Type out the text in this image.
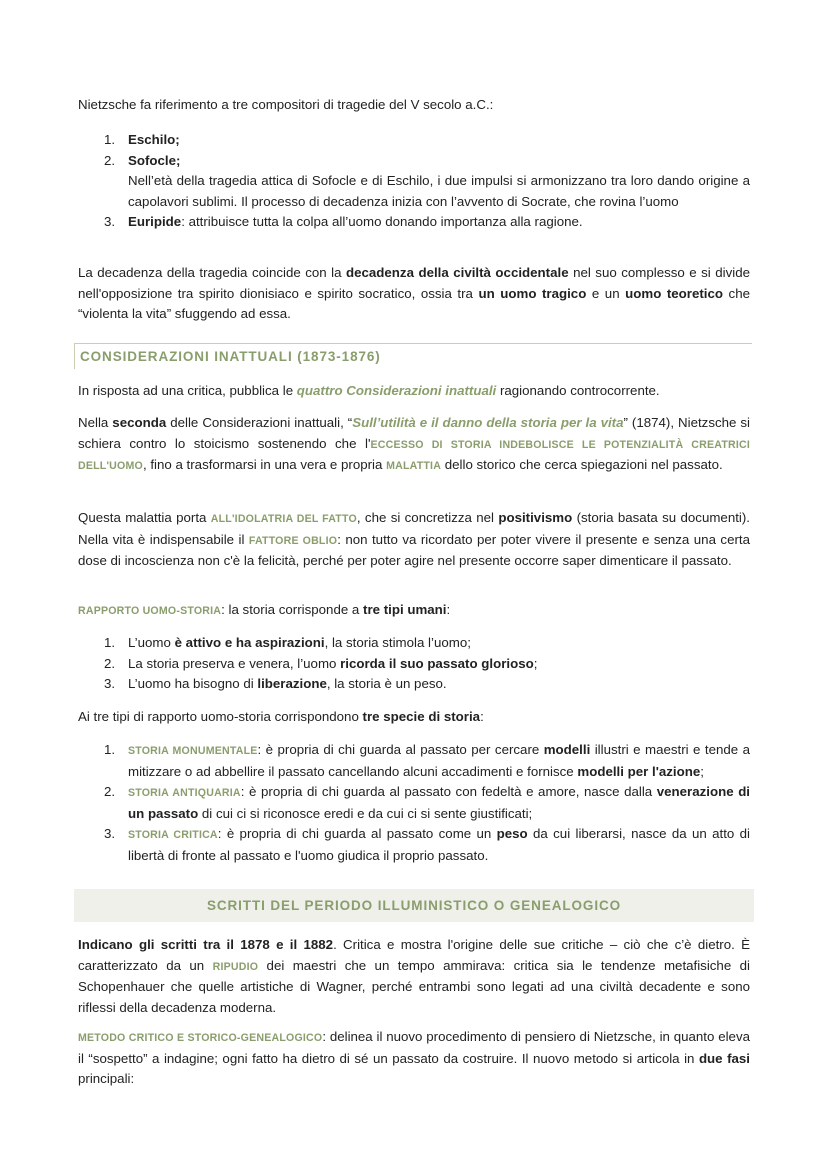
Nietzsche fa riferimento a tre compositori di tragedie del V secolo a.C.:

1. Eschilo;
2. Sofocle;
Nell’età della tragedia attica di Sofocle e di Eschilo, i due impulsi si armonizzano tra loro dando origine a capolavori sublimi. Il processo di decadenza inizia con l’avvento di Socrate, che rovina l’uomo
3. Euripide: attribuisce tutta la colpa all’uomo donando importanza alla ragione.

La decadenza della tragedia coincide con la decadenza della civiltà occidentale nel suo complesso e si divide nell'opposizione tra spirito dionisiaco e spirito socratico, ossia tra un uomo tragico e un uomo teoretico che “violenta la vita” sfuggendo ad essa.

CONSIDERAZIONI INATTUALI (1873-1876)

In risposta ad una critica, pubblica le quattro Considerazioni inattuali ragionando controcorrente.

Nella seconda delle Considerazioni inattuali, “Sull’utilità e il danno della storia per la vita” (1874), Nietzsche si schiera contro lo stoicismo sostenendo che l'ECCESSO DI STORIA INDEBOLISCE LE POTENZIALITÀ CREATRICI DELL'UOMO, fino a trasformarsi in una vera e propria MALATTIA dello storico che cerca spiegazioni nel passato.

Questa malattia porta ALL'IDOLATRIA DEL FATTO, che si concretizza nel positivismo (storia basata su documenti). Nella vita è indispensabile il FATTORE OBLIO: non tutto va ricordato per poter vivere il presente e senza una certa dose di incoscienza non c'è la felicità, perché per poter agire nel presente occorre saper dimenticare il passato.

RAPPORTO UOMO-STORIA: la storia corrisponde a tre tipi umani:

1. L’uomo è attivo e ha aspirazioni, la storia stimola l’uomo;
2. La storia preserva e venera, l’uomo ricorda il suo passato glorioso;
3. L’uomo ha bisogno di liberazione, la storia è un peso.

Ai tre tipi di rapporto uomo-storia corrispondono tre specie di storia:

1. STORIA MONUMENTALE: è propria di chi guarda al passato per cercare modelli illustri e maestri e tende a mitizzare o ad abbellire il passato cancellando alcuni accadimenti e fornisce modelli per l'azione;
2. STORIA ANTIQUARIA: è propria di chi guarda al passato con fedeltà e amore, nasce dalla venerazione di un passato di cui ci si riconosce eredi e da cui ci si sente giustificati;
3. STORIA CRITICA: è propria di chi guarda al passato come un peso da cui liberarsi, nasce da un atto di libertà di fronte al passato e l'uomo giudica il proprio passato.
SCRITTI DEL PERIODO ILLUMINISTICO O GENEALOGICO

Indicano gli scritti tra il 1878 e il 1882. Critica e mostra l'origine delle sue critiche – ciò che c’è dietro. È caratterizzato da un RIPUDIO dei maestri che un tempo ammirava: critica sia le tendenze metafisiche di Schopenhauer che quelle artistiche di Wagner, perché entrambi sono legati ad una civiltà decadente e sono riflessi della decadenza moderna.

METODO CRITICO E STORICO-GENEALOGICO: delinea il nuovo procedimento di pensiero di Nietzsche, in quanto eleva il “sospetto” a indagine; ogni fatto ha dietro di sé un passato da costruire. Il nuovo metodo si articola in due fasi principali:
